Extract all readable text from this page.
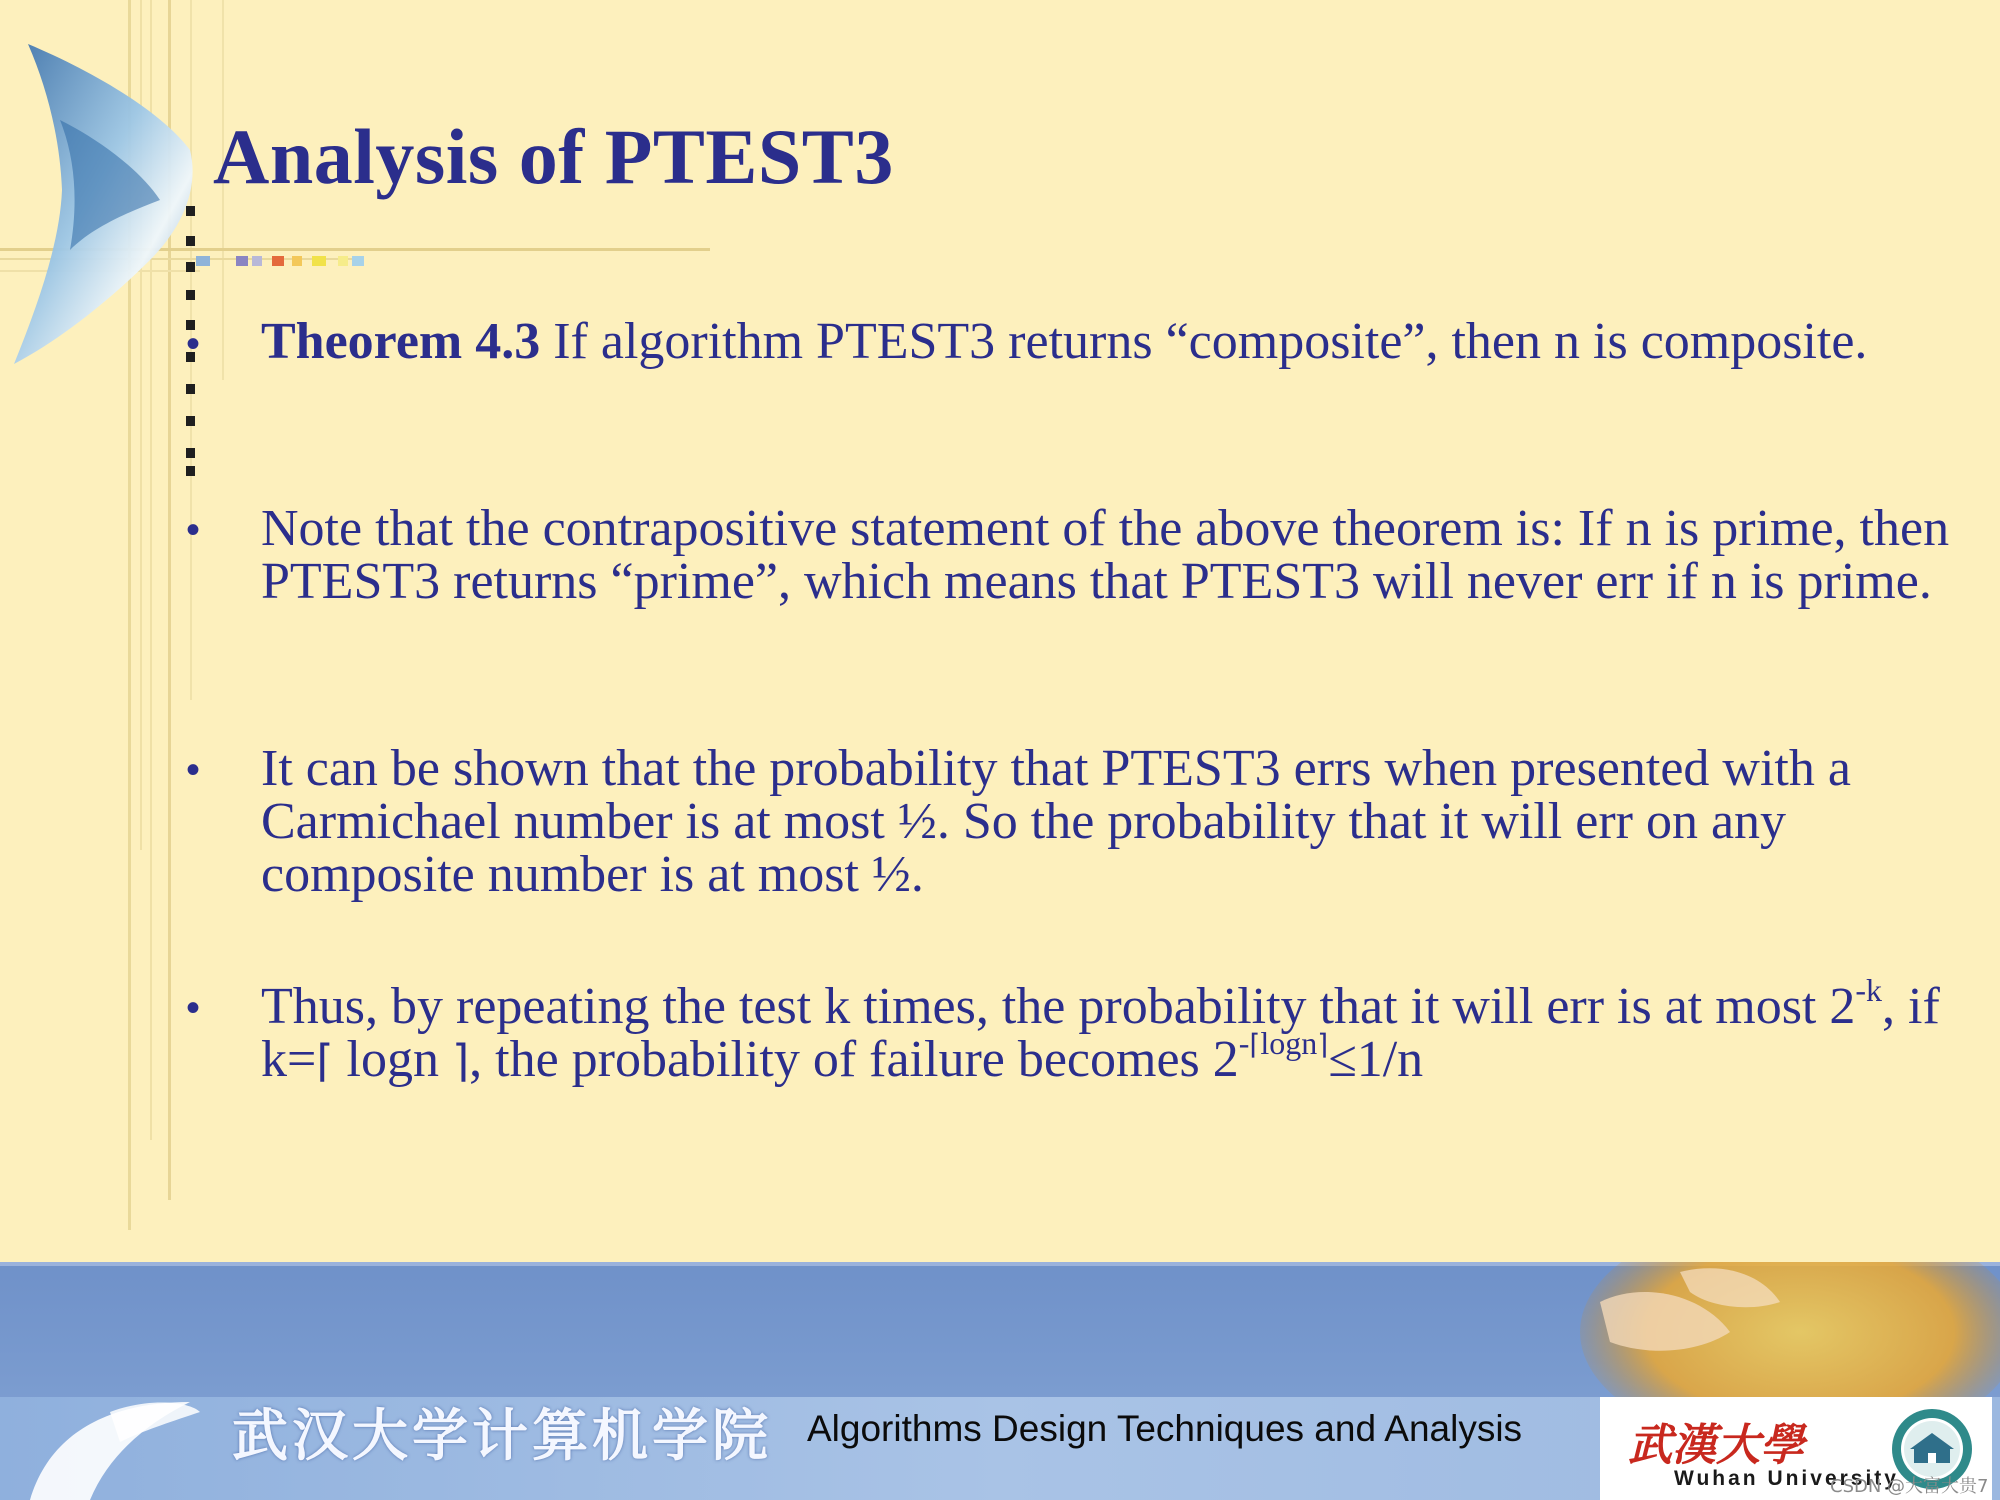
Analysis of PTEST3
• Theorem 4.3 If algorithm PTEST3 returns “composite”, then n is composite.
• Note that the contrapositive statement of the above theorem is: If n is prime, then PTEST3 returns “prime”, which means that PTEST3 will never err if n is prime.
• It can be shown that the probability that PTEST3 errs when presented with a Carmichael number is at most ½. So the probability that it will err on any composite number is at most ½.
• Thus, by repeating the test k times, the probability that it will err is at most $2^{-k}$, if k=⌈ logn ⌉, the probability of failure becomes $2^{-⌈logn⌉}\le 1/n$
武汉大学计算机学院 Algorithms Design Techniques and Analysis 武漢大學
Wuhan University
CSDN @大富大贵7
